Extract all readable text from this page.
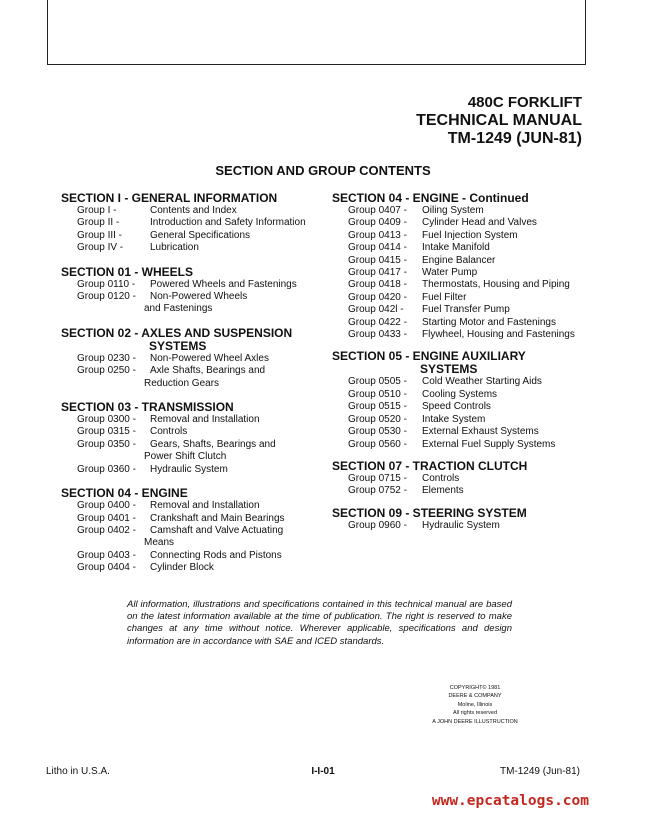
480C FORKLIFT
TECHNICAL MANUAL
TM-1249 (JUN-81)
SECTION AND GROUP CONTENTS
SECTION I - GENERAL INFORMATION
Group I -	Contents and Index
Group II -	Introduction and Safety Information
Group III -	General Specifications
Group IV -	Lubrication
SECTION 01 - WHEELS
Group 0110 - Powered Wheels and Fastenings
Group 0120 - Non-Powered Wheels
and Fastenings
SECTION 02 - AXLES AND SUSPENSION
SYSTEMS
Group 0230 - Non-Powered Wheel Axles
Group 0250 - Axle Shafts, Bearings and
Reduction Gears
SECTION 03 - TRANSMISSION
Group 0300 - Removal and Installation
Group 0315 - Controls
Group 0350 - Gears, Shafts, Bearings and
Power Shift Clutch
Group 0360 - Hydraulic System
SECTION 04 - ENGINE
Group 0400 - Removal and Installation
Group 0401 - Crankshaft and Main Bearings
Group 0402 - Camshaft and Valve Actuating
Means
Group 0403 - Connecting Rods and Pistons
Group 0404 - Cylinder Block
SECTION 04 - ENGINE - Continued
Group 0407 - Oiling System
Group 0409 - Cylinder Head and Valves
Group 0413 - Fuel Injection System
Group 0414 - Intake Manifold
Group 0415 - Engine Balancer
Group 0417 - Water Pump
Group 0418 - Thermostats, Housing and Piping
Group 0420 - Fuel Filter
Group 042l - Fuel Transfer Pump
Group 0422 - Starting Motor and Fastenings
Group 0433 - Flywheel, Housing and Fastenings
SECTION 05 - ENGINE AUXILIARY
SYSTEMS
Group 0505 - Cold Weather Starting Aids
Group 0510 - Cooling Systems
Group 0515 - Speed Controls
Group 0520 - Intake System
Group 0530 - External Exhaust Systems
Group 0560 - External Fuel Supply Systems
SECTION 07 - TRACTION CLUTCH
Group 0715 - Controls
Group 0752 - Elements
SECTION 09 - STEERING SYSTEM
Group 0960 - Hydraulic System
All information, illustrations and specifications contained in this technical manual are based on the latest information available at the time of publication. The right is reserved to make changes at any time without notice. Wherever applicable, specifications and design information are in accordance with SAE and ICED standards.
COPYRIGHT© 1981
DEERE & COMPANY
Moline, Illinois
All rights reserved
A JOHN DEERE ILLUSTRUCTION
Litho in U.S.A.	I-I-01	TM-1249 (Jun-81)
www.epcatalogs.com
